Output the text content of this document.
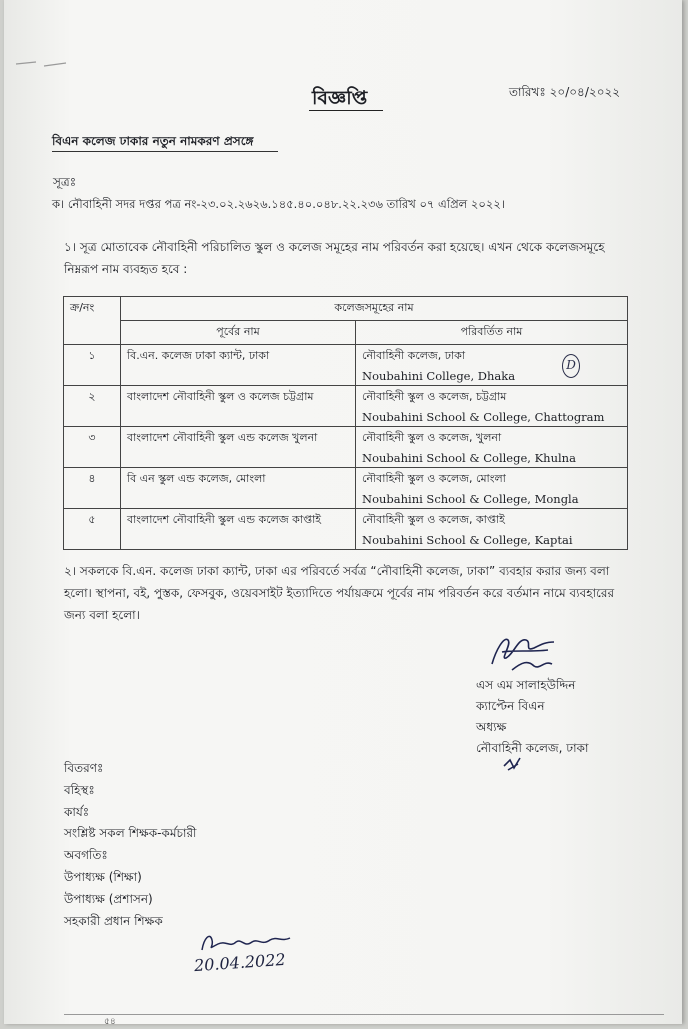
বিজ্ঞপ্তি	তারিখঃ ২০/০৪/২০২২
বিএন কলেজ ঢাকার নতুন নামকরণ প্রসঙ্গে
সূত্রঃ
ক। নৌবাহিনী সদর দপ্তর পত্র নং-২৩.০২.২৬২৬.১৪৫.৪০.০৪৮.২২.২৩৬ তারিখ ০৭ এপ্রিল ২০২২।
১। সূত্র মোতাবেক নৌবাহিনী পরিচালিত স্কুল ও কলেজ সমূহের নাম পরিবর্তন করা হয়েছে। এখন থেকে কলেজসমূহে নিম্নরূপ নাম ব্যবহৃত হবে :
ক্র/নং	কলেজসমূহের নাম	
	পূর্বের নাম	পরিবর্তিত নাম
১	বি.এন. কলেজ ঢাকা ক্যান্ট, ঢাকা	নৌবাহিনী কলেজ, ঢাকা
Noubahini College, Dhaka

২	বাংলাদেশ নৌবাহিনী স্কুল ও কলেজ চট্টগ্রাম	নৌবাহিনী স্কুল ও কলেজ, চট্টগ্রাম
Noubahini School & College, Chattogram

৩	বাংলাদেশ নৌবাহিনী স্কুল এন্ড কলেজ খুলনা	নৌবাহিনী স্কুল ও কলেজ, খুলনা
Noubahini School & College, Khulna

৪	বি এন স্কুল এন্ড কলেজ, মোংলা	নৌবাহিনী স্কুল ও কলেজ, মোংলা
Noubahini School & College, Mongla

৫	বাংলাদেশ নৌবাহিনী স্কুল এন্ড কলেজ কাপ্তাই	নৌবাহিনী স্কুল ও কলেজ, কাপ্তাই
Noubahini School & College, Kaptai
D
২। সকলকে বি.এন. কলেজ ঢাকা ক্যান্ট, ঢাকা এর পরিবর্তে সর্বত্র “নৌবাহিনী কলেজ, ঢাকা” ব্যবহার করার জন্য বলা হলো। স্থাপনা, বই, পুস্তক, ফেসবুক, ওয়েবসাইট ইত্যাদিতে পর্যায়ক্রমে পূর্বের নাম পরিবর্তন করে বর্তমান নামে ব্যবহারের জন্য বলা হলো।
এস এম সালাহউদ্দিন
ক্যাপ্টেন বিএন
অধ্যক্ষ
নৌবাহিনী কলেজ, ঢাকা
বিতরণঃ
বহিস্থঃ
কার্যঃ
সংশ্লিষ্ট সকল শিক্ষক-কর্মচারী
অবগতিঃ
উপাধ্যক্ষ (শিক্ষা)
উপাধ্যক্ষ (প্রশাসন)
সহকারী প্রধান শিক্ষক
20.04.2022
৫৪
